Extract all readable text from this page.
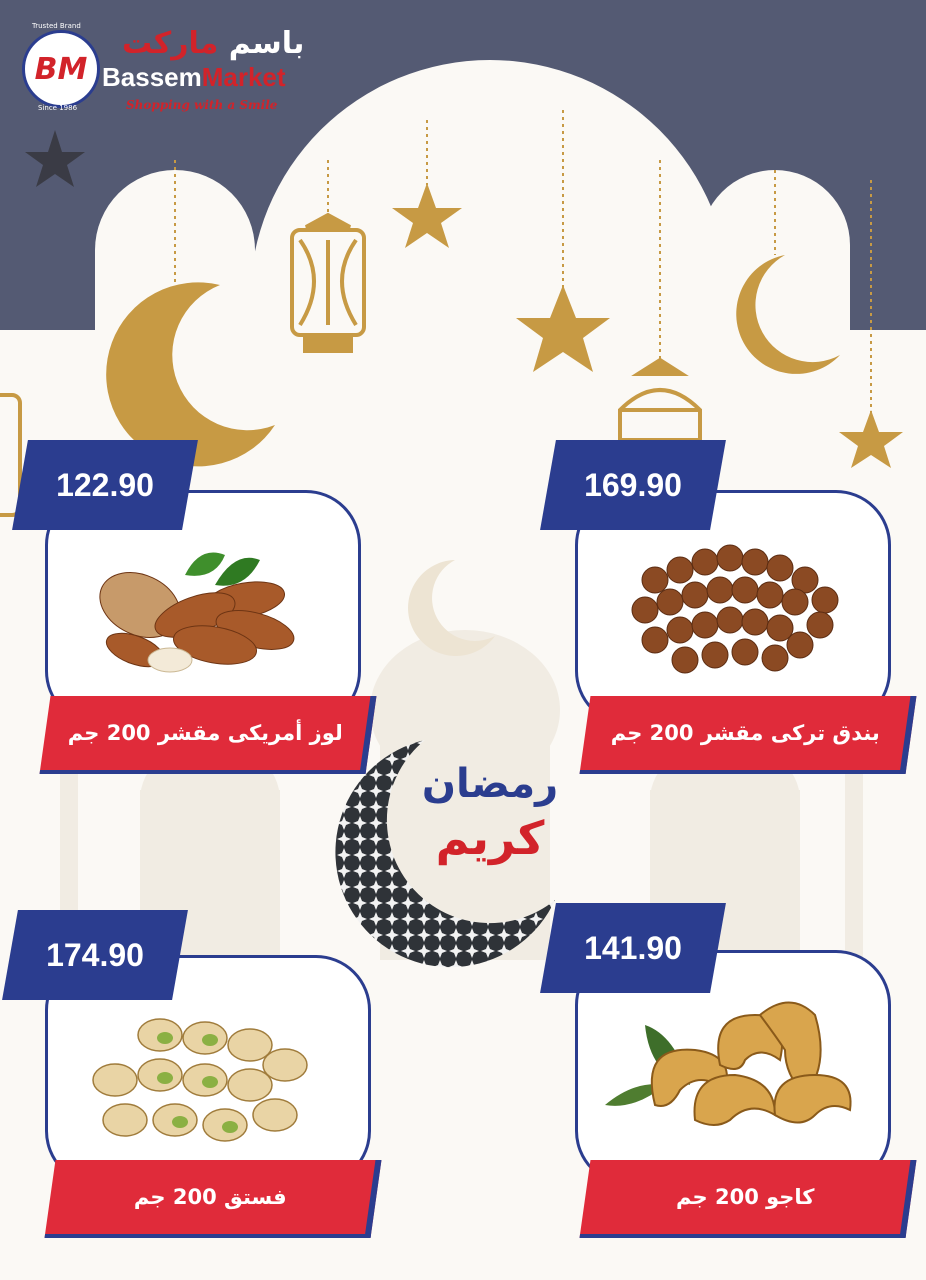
Trusted Brand
BM
Since 1986
باسم ماركت
BassemMarket
Shopping with a Smile
169.90
بندق تركى مقشر 200 جم
122.90
لوز أمريكى مقشر 200 جم
رمضان
كريم
141.90
كاجو 200 جم
174.90
فستق 200 جم
